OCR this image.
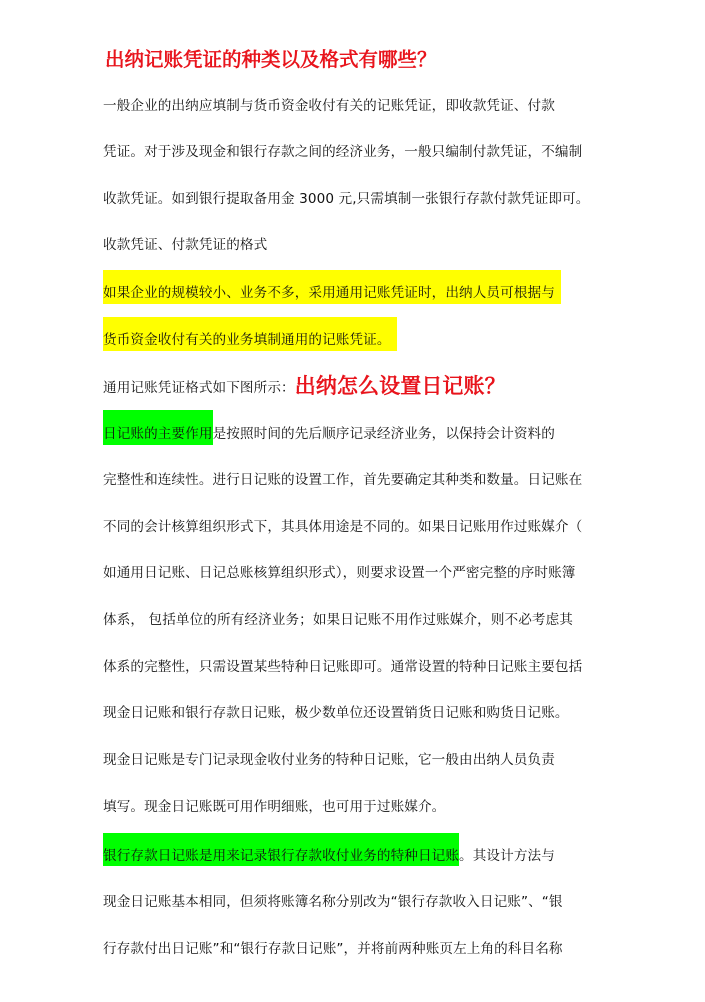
出纳记账凭证的种类以及格式有哪些？
一般企业的出纳应填制与货币资金收付有关的记账凭证，即收款凭证、付款
凭证。对于涉及现金和银行存款之间的经济业务，一般只编制付款凭证，不编制
收款凭证。如到银行提取备用金 3000 元,只需填制一张银行存款付款凭证即可。
收款凭证、付款凭证的格式
如果企业的规模较小、业务不多，采用通用记账凭证时，出纳人员可根据与
货币资金收付有关的业务填制通用的记账凭证。
通用记账凭证格式如下图所示：出纳怎么设置日记账？
日记账的主要作用是按照时间的先后顺序记录经济业务，以保持会计资料的
完整性和连续性。进行日记账的设置工作，首先要确定其种类和数量。日记账在
不同的会计核算组织形式下，其具体用途是不同的。如果日记账用作过账媒介（
如通用日记账、日记总账核算组织形式），则要求设置一个严密完整的序时账簿
体系， 包括单位的所有经济业务；如果日记账不用作过账媒介，则不必考虑其
体系的完整性，只需设置某些特种日记账即可。通常设置的特种日记账主要包括
现金日记账和银行存款日记账，极少数单位还设置销货日记账和购货日记账。
现金日记账是专门记录现金收付业务的特种日记账，它一般由出纳人员负责
填写。现金日记账既可用作明细账，也可用于过账媒介。
银行存款日记账是用来记录银行存款收付业务的特种日记账。其设计方法与
现金日记账基本相同，但须将账簿名称分别改为“银行存款收入日记账”、“银
行存款付出日记账”和“银行存款日记账”，并将前两种账页左上角的科目名称
